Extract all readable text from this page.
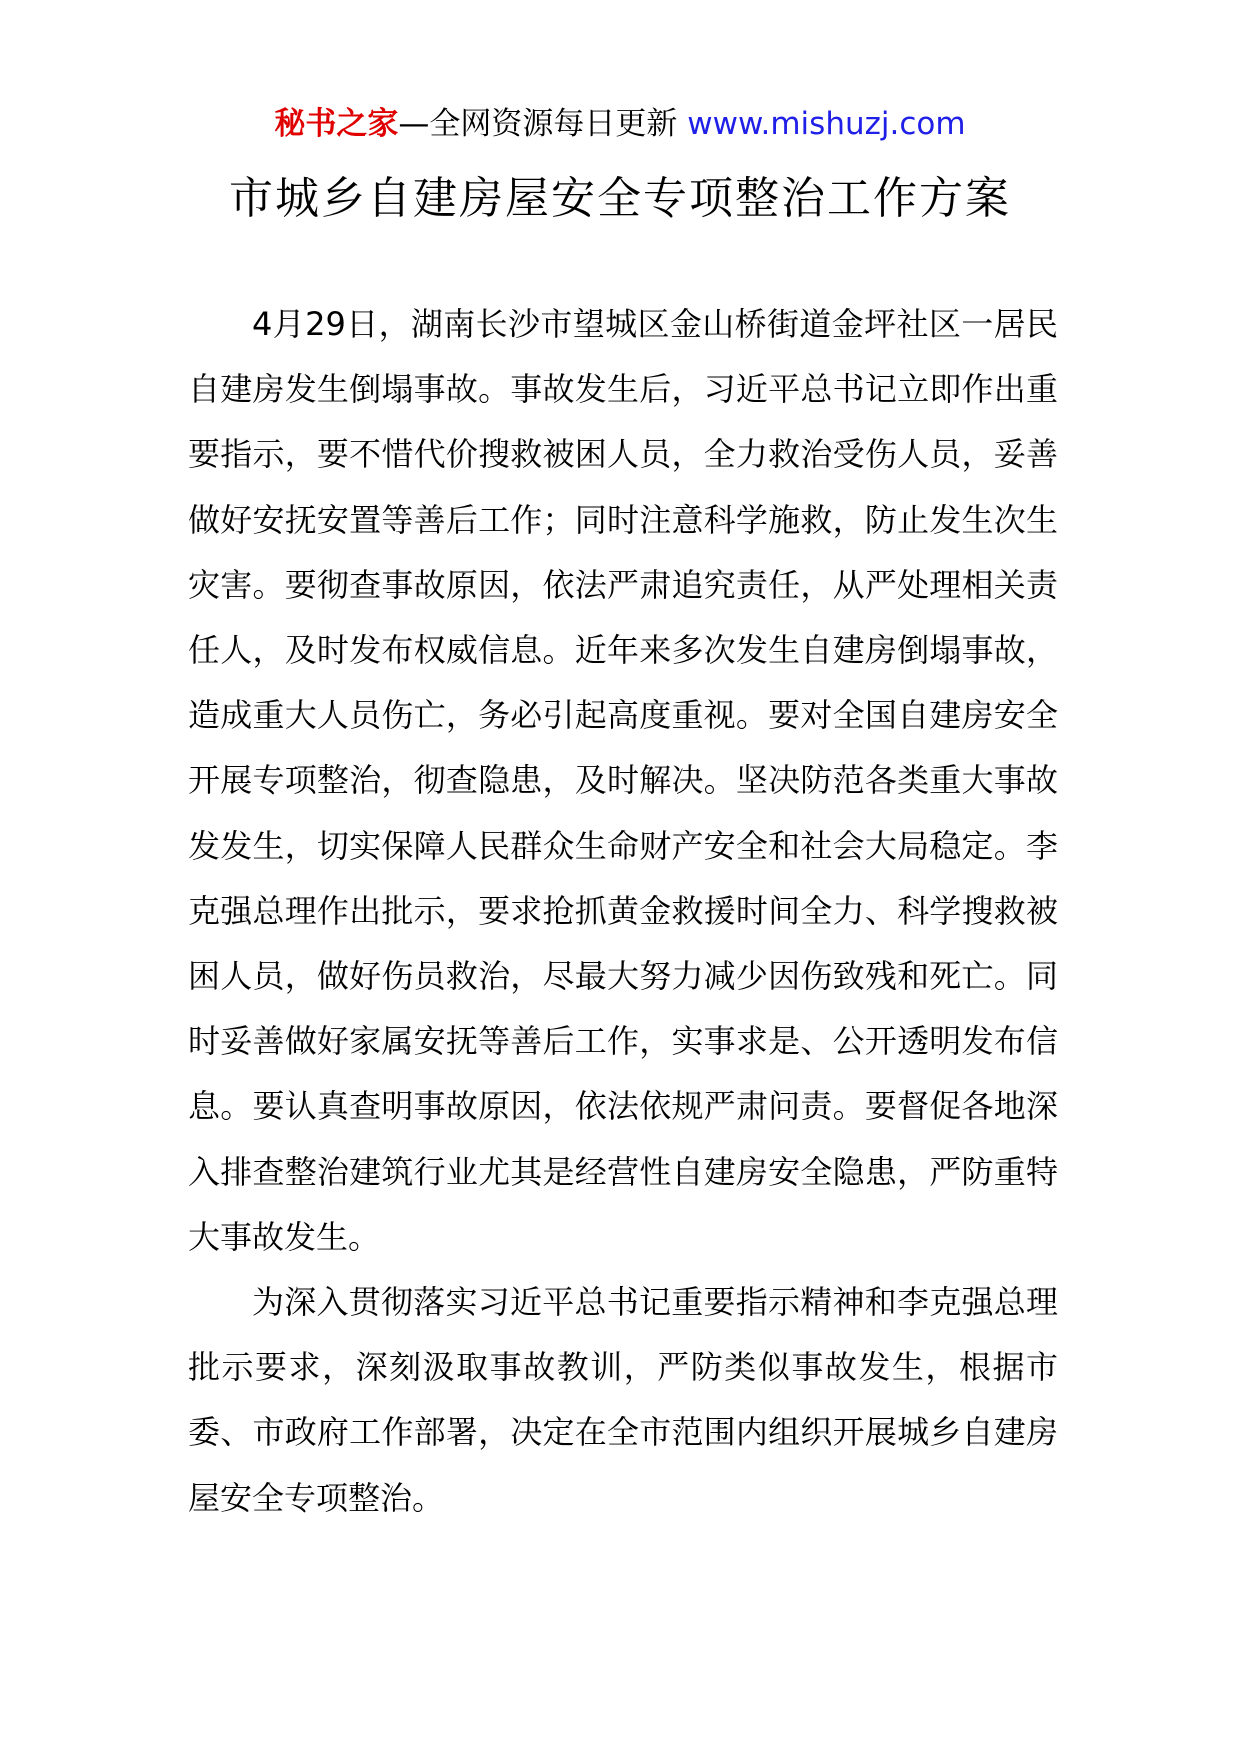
秘书之家—全网资源每日更新 www.mishuzj.com
市城乡自建房屋安全专项整治工作方案

4月29日，湖南长沙市望城区金山桥街道金坪社区一居民自建房发生倒塌事故。事故发生后，习近平总书记立即作出重要指示，要不惜代价搜救被困人员，全力救治受伤人员，妥善做好安抚安置等善后工作；同时注意科学施救，防止发生次生灾害。要彻查事故原因，依法严肃追究责任，从严处理相关责任人，及时发布权威信息。近年来多次发生自建房倒塌事故，造成重大人员伤亡，务必引起高度重视。要对全国自建房安全开展专项整治，彻查隐患，及时解决。坚决防范各类重大事故发发生，切实保障人民群众生命财产安全和社会大局稳定。李克强总理作出批示，要求抢抓黄金救援时间全力、科学搜救被困人员，做好伤员救治，尽最大努力减少因伤致残和死亡。同时妥善做好家属安抚等善后工作，实事求是、公开透明发布信息。要认真查明事故原因，依法依规严肃问责。要督促各地深入排查整治建筑行业尤其是经营性自建房安全隐患，严防重特大事故发生。

为深入贯彻落实习近平总书记重要指示精神和李克强总理批示要求，深刻汲取事故教训，严防类似事故发生，根据市委、市政府工作部署，决定在全市范围内组织开展城乡自建房屋安全专项整治。
